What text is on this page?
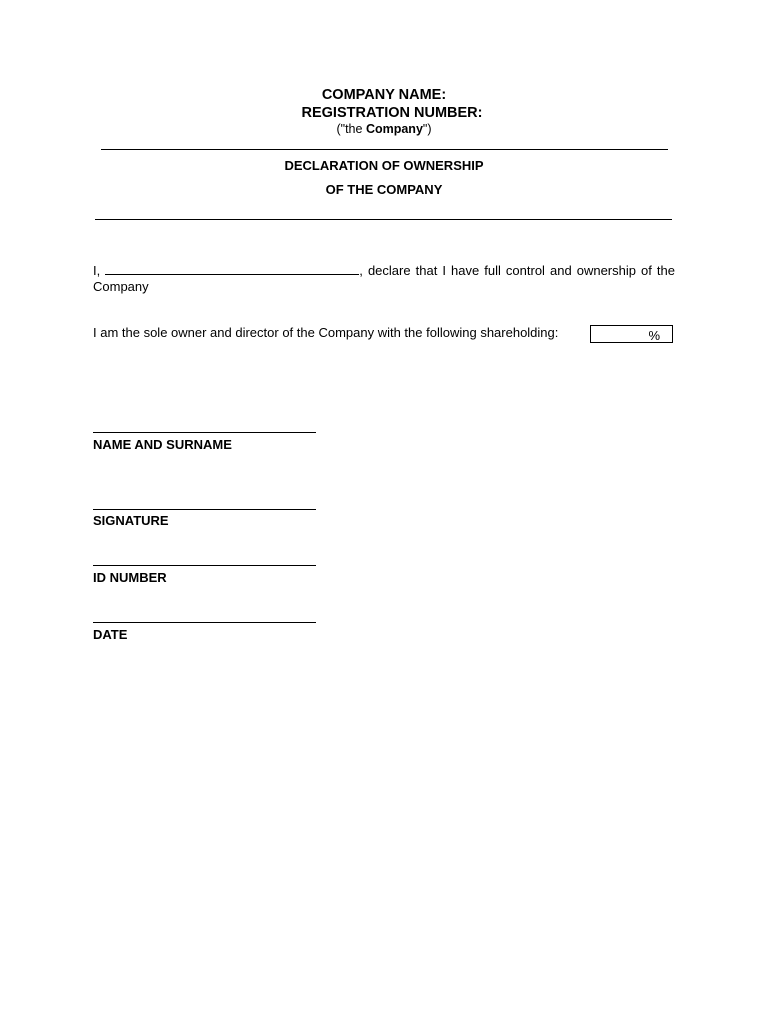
COMPANY NAME:
REGISTRATION NUMBER:
("the Company")
DECLARATION OF OWNERSHIP
OF THE COMPANY
I,	, declare that I have full control and ownership of the Company
I am the sole owner and director of the Company with the following shareholding:	%
NAME AND SURNAME
SIGNATURE
ID NUMBER
DATE
